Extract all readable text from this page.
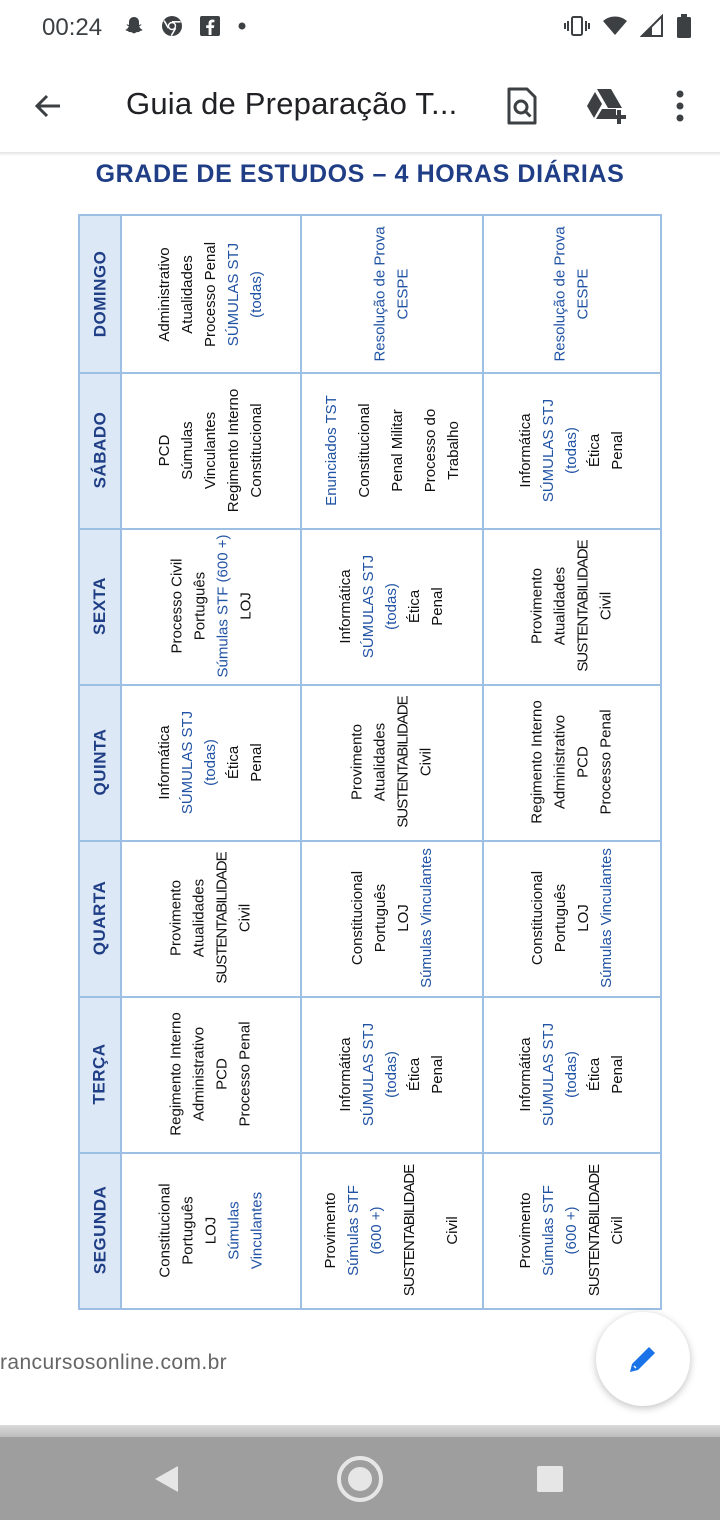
00:24
Guia de Preparação T...
GRADE DE ESTUDOS – 4 HORAS DIÁRIAS
DOMINGO	Administrativo Atualidades Processo Penal SÚMULAS STJ (todas)	Resolução de Prova CESPE	Resolução de Prova CESPE
SÁBADO	PCD Súmulas Vinculantes Regimento Interno Constitucional	Enunciados TST Constitucional Penal Militar Processo do Trabalho	Informática SÚMULAS STJ (todas) Ética Penal
SEXTA	Processo Civil Português Súmulas STF (600 +) LOJ	Informática SÚMULAS STJ (todas) Ética Penal	Provimento Atualidades SUSTENTABILIDADE Civil
QUINTA	Informática SÚMULAS STJ (todas) Ética Penal	Provimento Atualidades SUSTENTABILIDADE Civil	Regimento Interno Administrativo PCD Processo Penal
QUARTA	Provimento Atualidades SUSTENTABILIDADE Civil	Constitucional Português LOJ Súmulas Vinculantes	Constitucional Português LOJ Súmulas Vinculantes
TERÇA	Regimento Interno Administrativo PCD Processo Penal	Informática SÚMULAS STJ (todas) Ética Penal	Informática SÚMULAS STJ (todas) Ética Penal
SEGUNDA	Constitucional Português LOJ Súmulas Vinculantes	Provimento Súmulas STF (600 +) SUSTENTABILIDADE Civil	Provimento Súmulas STF (600 +) SUSTENTABILIDADE Civil
rancursosonline.com.br
